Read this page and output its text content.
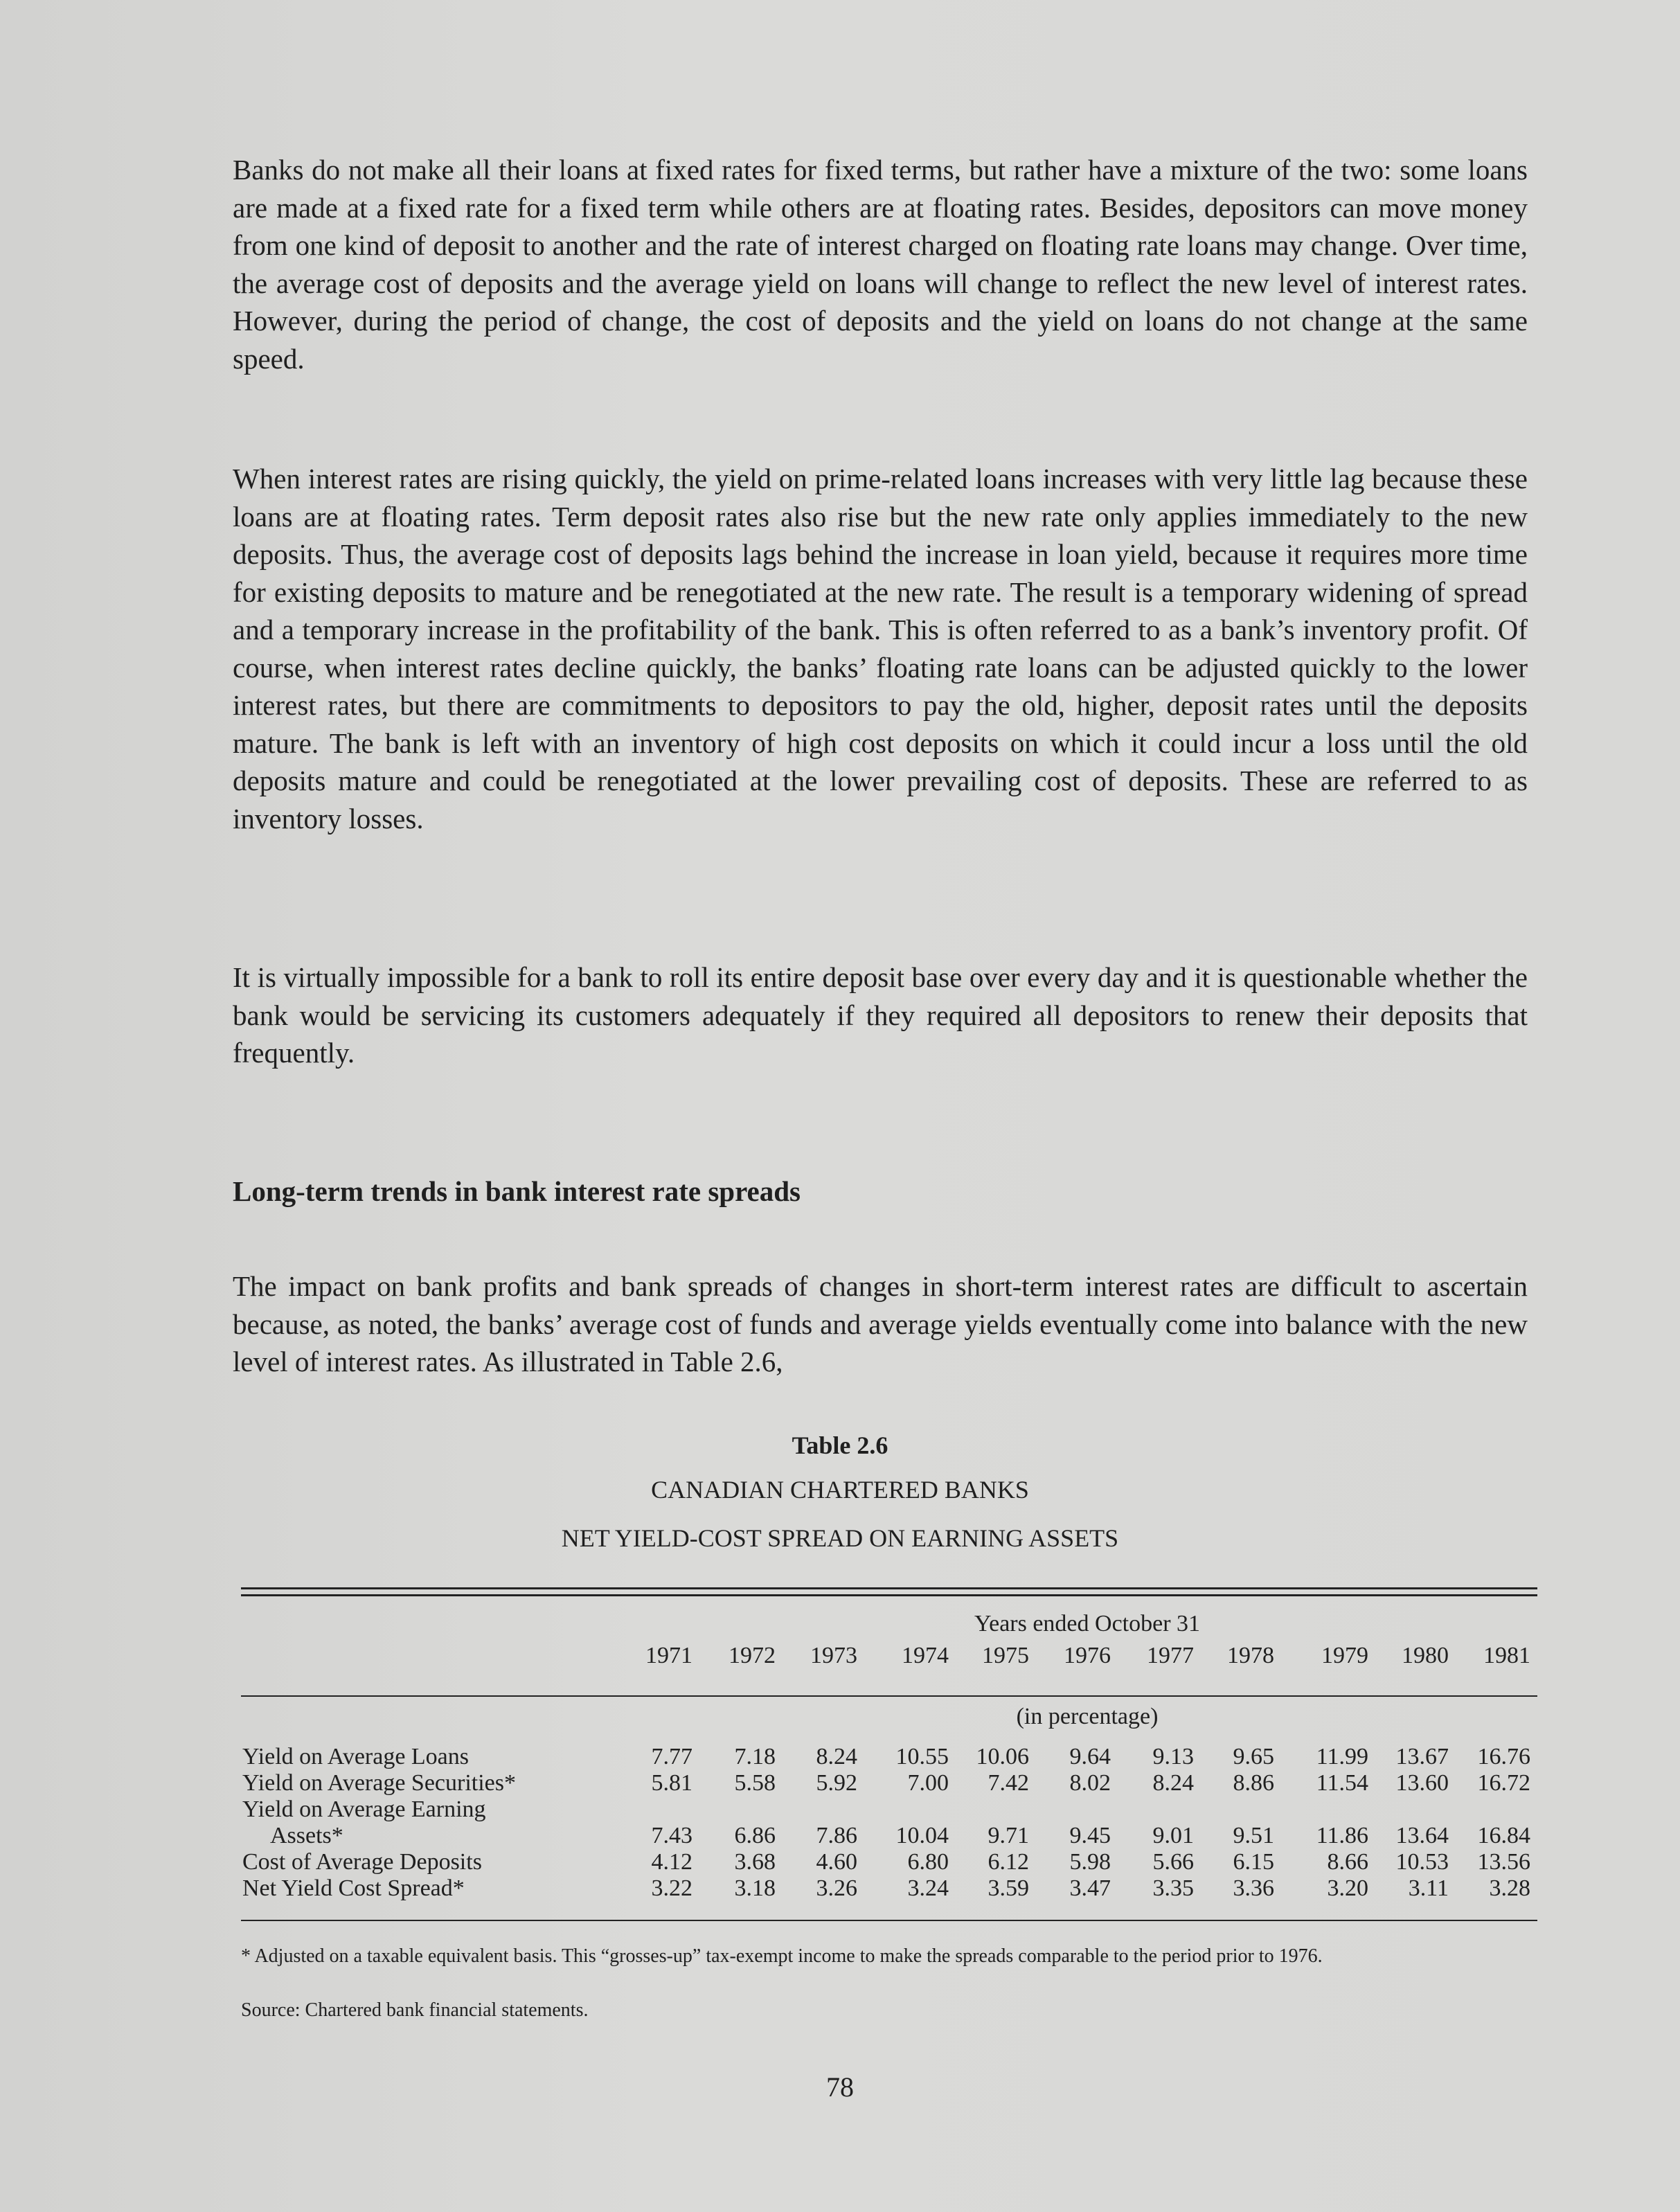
Banks do not make all their loans at fixed rates for fixed terms, but rather have a mixture of the two: some loans are made at a fixed rate for a fixed term while others are at floating rates. Besides, depositors can move money from one kind of deposit to another and the rate of interest charged on floating rate loans may change. Over time, the average cost of deposits and the average yield on loans will change to reflect the new level of interest rates. However, during the period of change, the cost of deposits and the yield on loans do not change at the same speed.

When interest rates are rising quickly, the yield on prime-related loans increases with very little lag because these loans are at floating rates. Term deposit rates also rise but the new rate only applies immediately to the new deposits. Thus, the average cost of deposits lags behind the increase in loan yield, because it requires more time for existing deposits to mature and be renegotiated at the new rate. The result is a temporary widening of spread and a temporary increase in the profitability of the bank. This is often referred to as a bank’s inventory profit. Of course, when interest rates decline quickly, the banks’ floating rate loans can be adjusted quickly to the lower interest rates, but there are commitments to depositors to pay the old, higher, deposit rates until the deposits mature. The bank is left with an inventory of high cost deposits on which it could incur a loss until the old deposits mature and could be renegotiated at the lower prevailing cost of deposits. These are referred to as inventory losses.

It is virtually impossible for a bank to roll its entire deposit base over every day and it is questionable whether the bank would be servicing its customers adequately if they required all depositors to renew their deposits that frequently.

Long-term trends in bank interest rate spreads

The impact on bank profits and bank spreads of changes in short-term interest rates are difficult to ascertain because, as noted, the banks’ average cost of funds and average yields eventually come into balance with the new level of interest rates. As illustrated in Table 2.6,

Table 2.6
CANADIAN CHARTERED BANKS
NET YIELD-COST SPREAD ON EARNING ASSETS
Years ended October 31
1971	1972	1973	1974	1975	1976	1977	1978	1979	1980	1981
(in percentage)
Yield on Average Loans	7.77	7.18	8.24	10.55	10.06	9.64	9.13	9.65	11.99	13.67	16.76
Yield on Average Securities*	5.81	5.58	5.92	7.00	7.42	8.02	8.24	8.86	11.54	13.60	16.72
Yield on Average Earning
Assets*	7.43	6.86	7.86	10.04	9.71	9.45	9.01	9.51	11.86	13.64	16.84
Cost of Average Deposits	4.12	3.68	4.60	6.80	6.12	5.98	5.66	6.15	8.66	10.53	13.56
Net Yield Cost Spread*	3.22	3.18	3.26	3.24	3.59	3.47	3.35	3.36	3.20	3.11	3.28

* Adjusted on a taxable equivalent basis. This “grosses-up” tax-exempt income to make the spreads comparable to the period prior to 1976.

Source: Chartered bank financial statements.

78
